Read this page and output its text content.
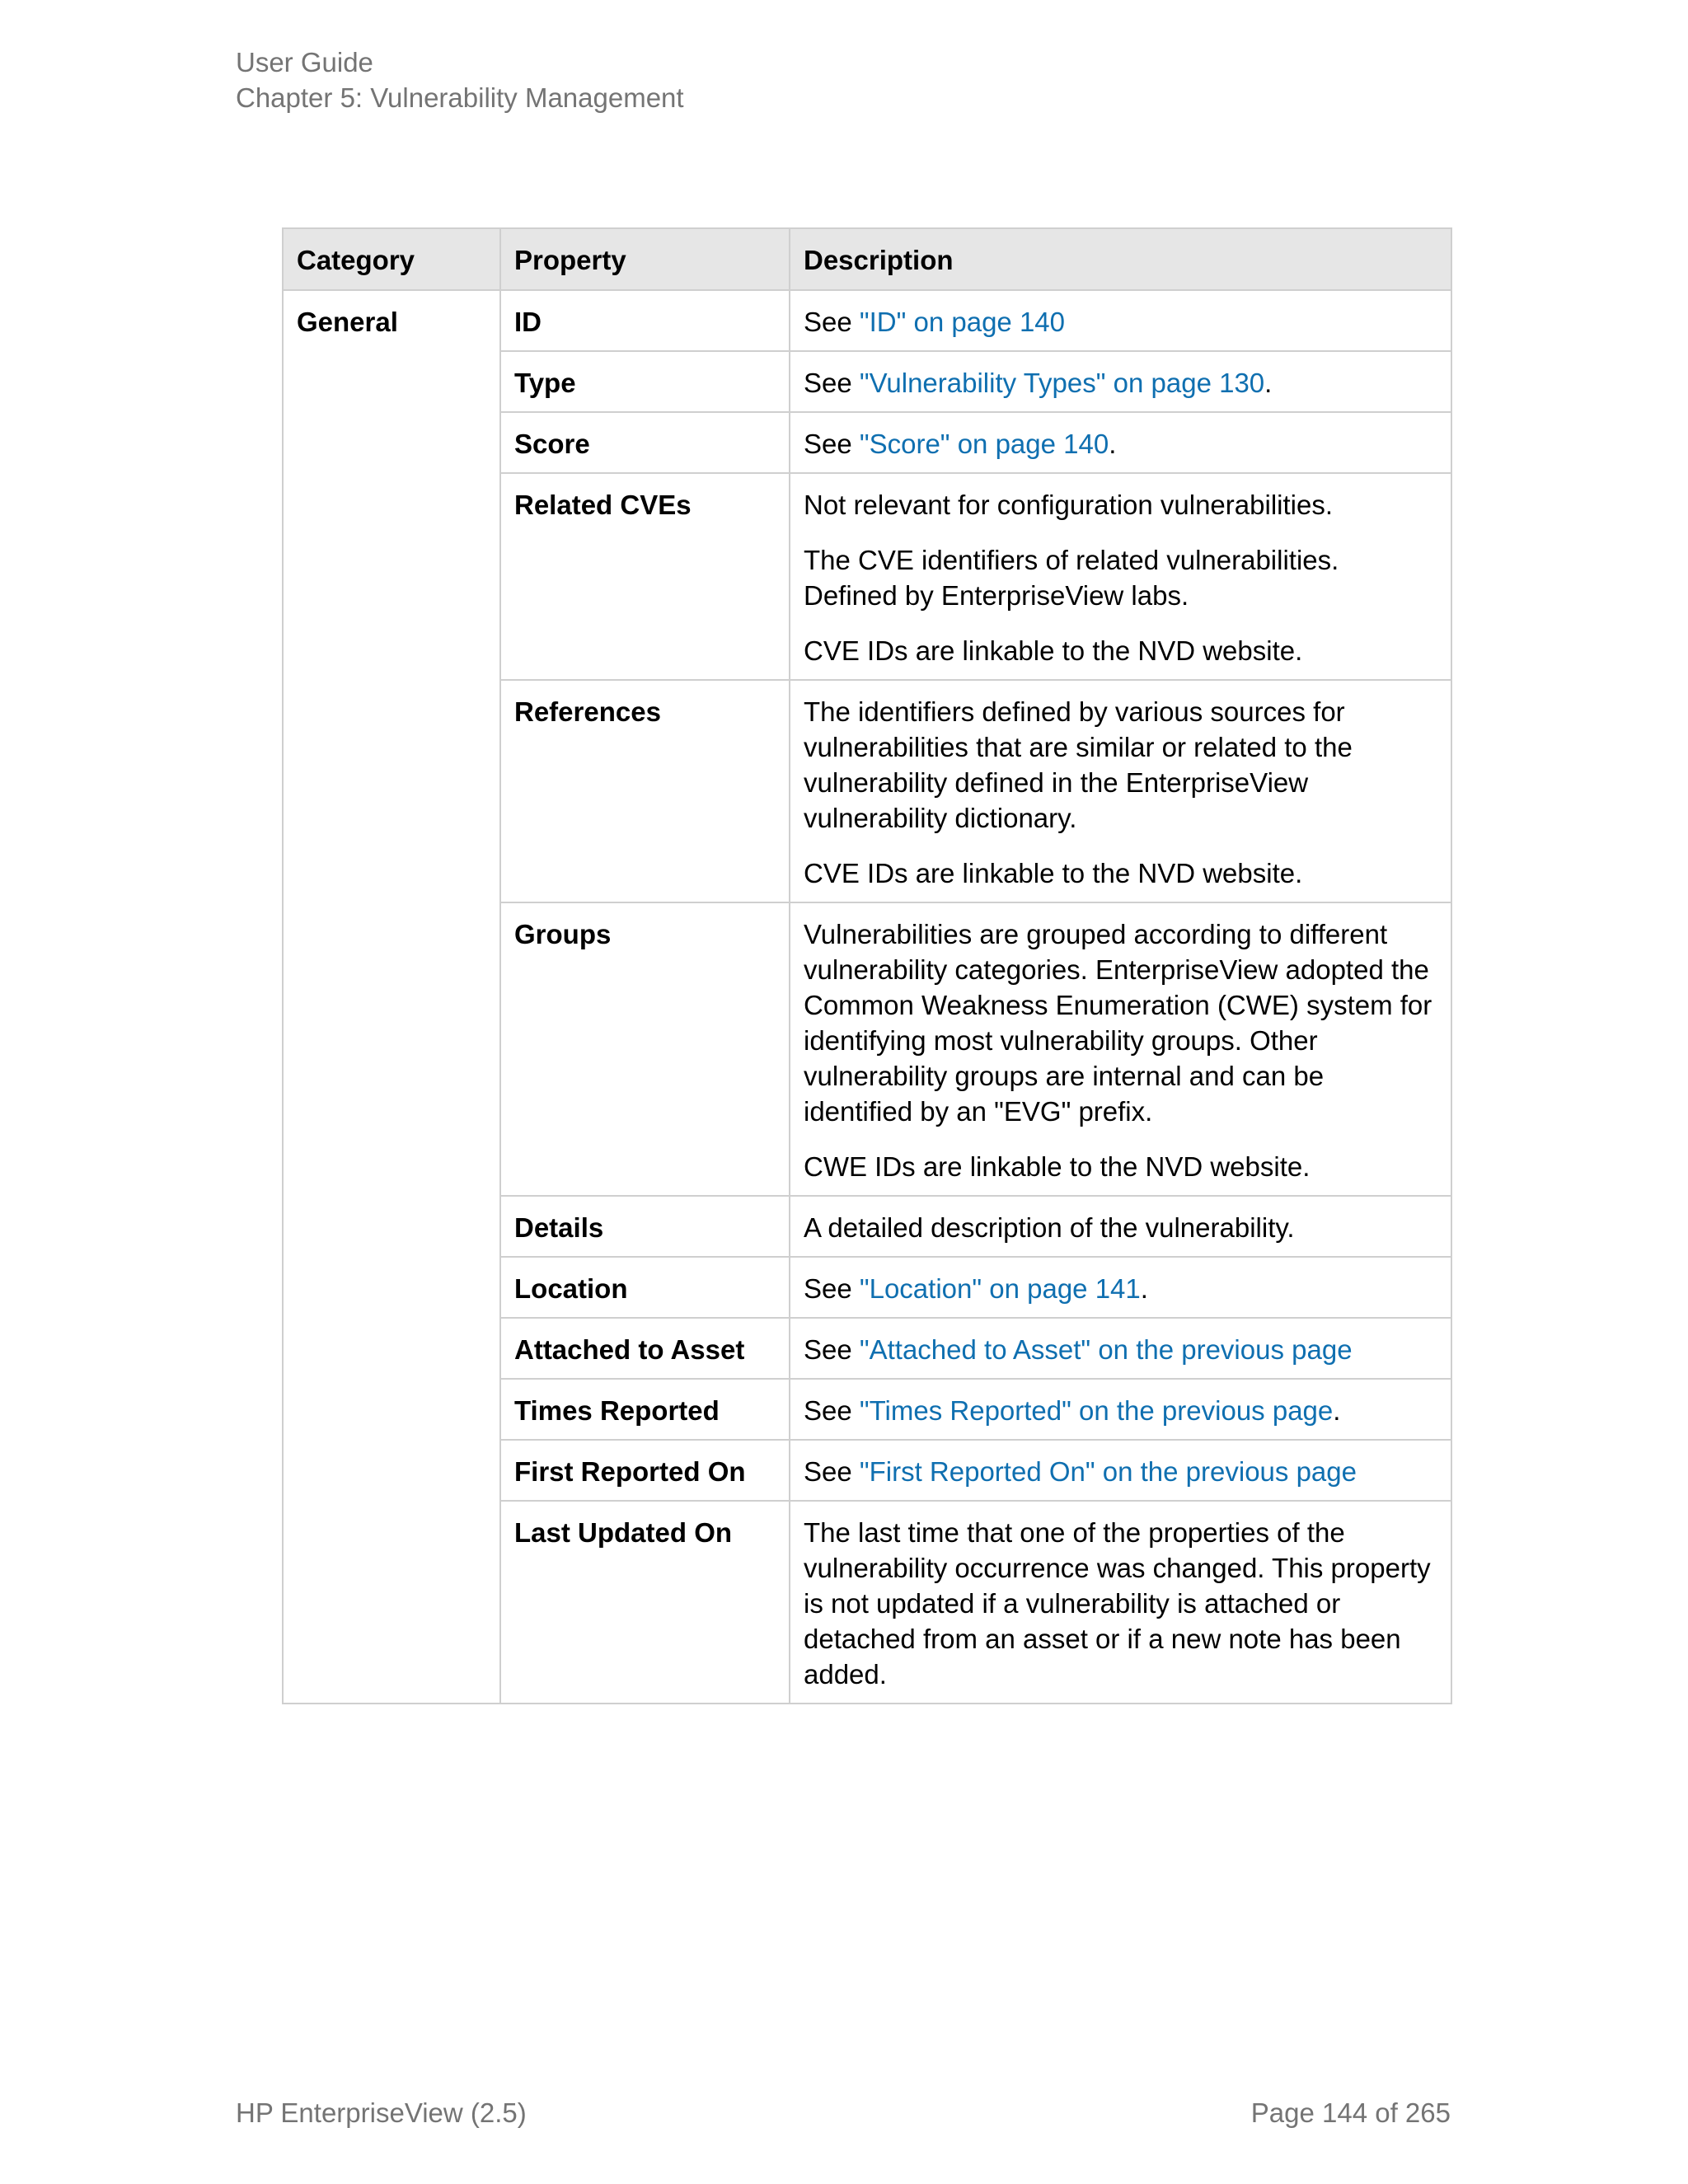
User Guide
Chapter 5: Vulnerability Management
Category	Property	Description
General	ID	See "ID" on page 140
	Type	See "Vulnerability Types" on page 130.
	Score	See "Score" on page 140.
	Related CVEs	Not relevant for configuration vulnerabilities.

The CVE identifiers of related vulnerabilities. Defined by EnterpriseView labs.

CVE IDs are linkable to the NVD website.

	References	The identifiers defined by various sources for vulnerabilities that are similar or related to the vulnerability defined in the EnterpriseView vulnerability dictionary.

CVE IDs are linkable to the NVD website.

	Groups	Vulnerabilities are grouped according to different vulnerability categories. EnterpriseView adopted the Common Weakness Enumeration (CWE) system for identifying most vulnerability groups. Other vulnerability groups are internal and can be identified by an "EVG" prefix.

CWE IDs are linkable to the NVD website.

	Details	A detailed description of the vulnerability.

	Location	See "Location" on page 141.
	Attached to Asset	See "Attached to Asset" on the previous page
	Times Reported	See "Times Reported" on the previous page.
	First Reported On	See "First Reported On" on the previous page
	Last Updated On	The last time that one of the properties of the vulnerability occurrence was changed. This property is not updated if a vulnerability is attached or detached from an asset or if a new note has been added.

HP EnterpriseView (2.5)	Page 144 of 265
